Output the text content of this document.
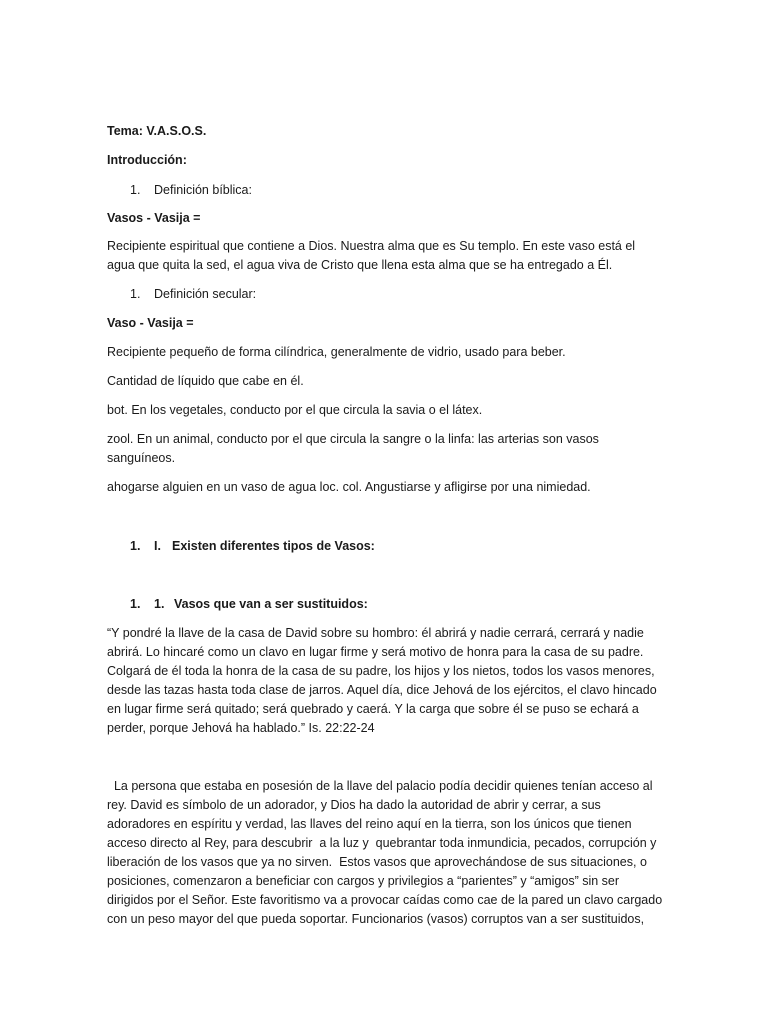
Tema: V.A.S.O.S.

Introducción:

1. Definición bíblica:

Vasos - Vasija =

Recipiente espiritual que contiene a Dios. Nuestra alma que es Su templo. En este vaso está el

agua que quita la sed, el agua viva de Cristo que llena esta alma que se ha entregado a Él.

1. Definición secular:

Vaso - Vasija =

Recipiente pequeño de forma cilíndrica, generalmente de vidrio, usado para beber.

Cantidad de líquido que cabe en él.

bot. En los vegetales, conducto por el que circula la savia o el látex.

zool. En un animal, conducto por el que circula la sangre o la linfa: las arterias son vasos

sanguíneos.

ahogarse alguien en un vaso de agua loc. col. Angustiarse y afligirse por una nimiedad.

1. I. Existen diferentes tipos de Vasos:

1. 1. Vasos que van a ser sustituidos:

“Y pondré la llave de la casa de David sobre su hombro: él abrirá y nadie cerrará, cerrará y nadie

abrirá. Lo hincaré como un clavo en lugar firme y será motivo de honra para la casa de su padre.

Colgará de él toda la honra de la casa de su padre, los hijos y los nietos, todos los vasos menores,

desde las tazas hasta toda clase de jarros. Aquel día, dice Jehová de los ejércitos, el clavo hincado

en lugar firme será quitado; será quebrado y caerá. Y la carga que sobre él se puso se echará a

perder, porque Jehová ha hablado.” Is. 22:22-24

La persona que estaba en posesión de la llave del palacio podía decidir quienes tenían acceso al

rey. David es símbolo de un adorador, y Dios ha dado la autoridad de abrir y cerrar, a sus

adoradores en espíritu y verdad, las llaves del reino aquí en la tierra, son los únicos que tienen

acceso directo al Rey, para descubrir  a la luz y  quebrantar toda inmundicia, pecados, corrupción y

liberación de los vasos que ya no sirven.  Estos vasos que aprovechándose de sus situaciones, o

posiciones, comenzaron a beneficiar con cargos y privilegios a “parientes” y “amigos” sin ser

dirigidos por el Señor. Este favoritismo va a provocar caídas como cae de la pared un clavo cargado

con un peso mayor del que pueda soportar. Funcionarios (vasos) corruptos van a ser sustituidos,
